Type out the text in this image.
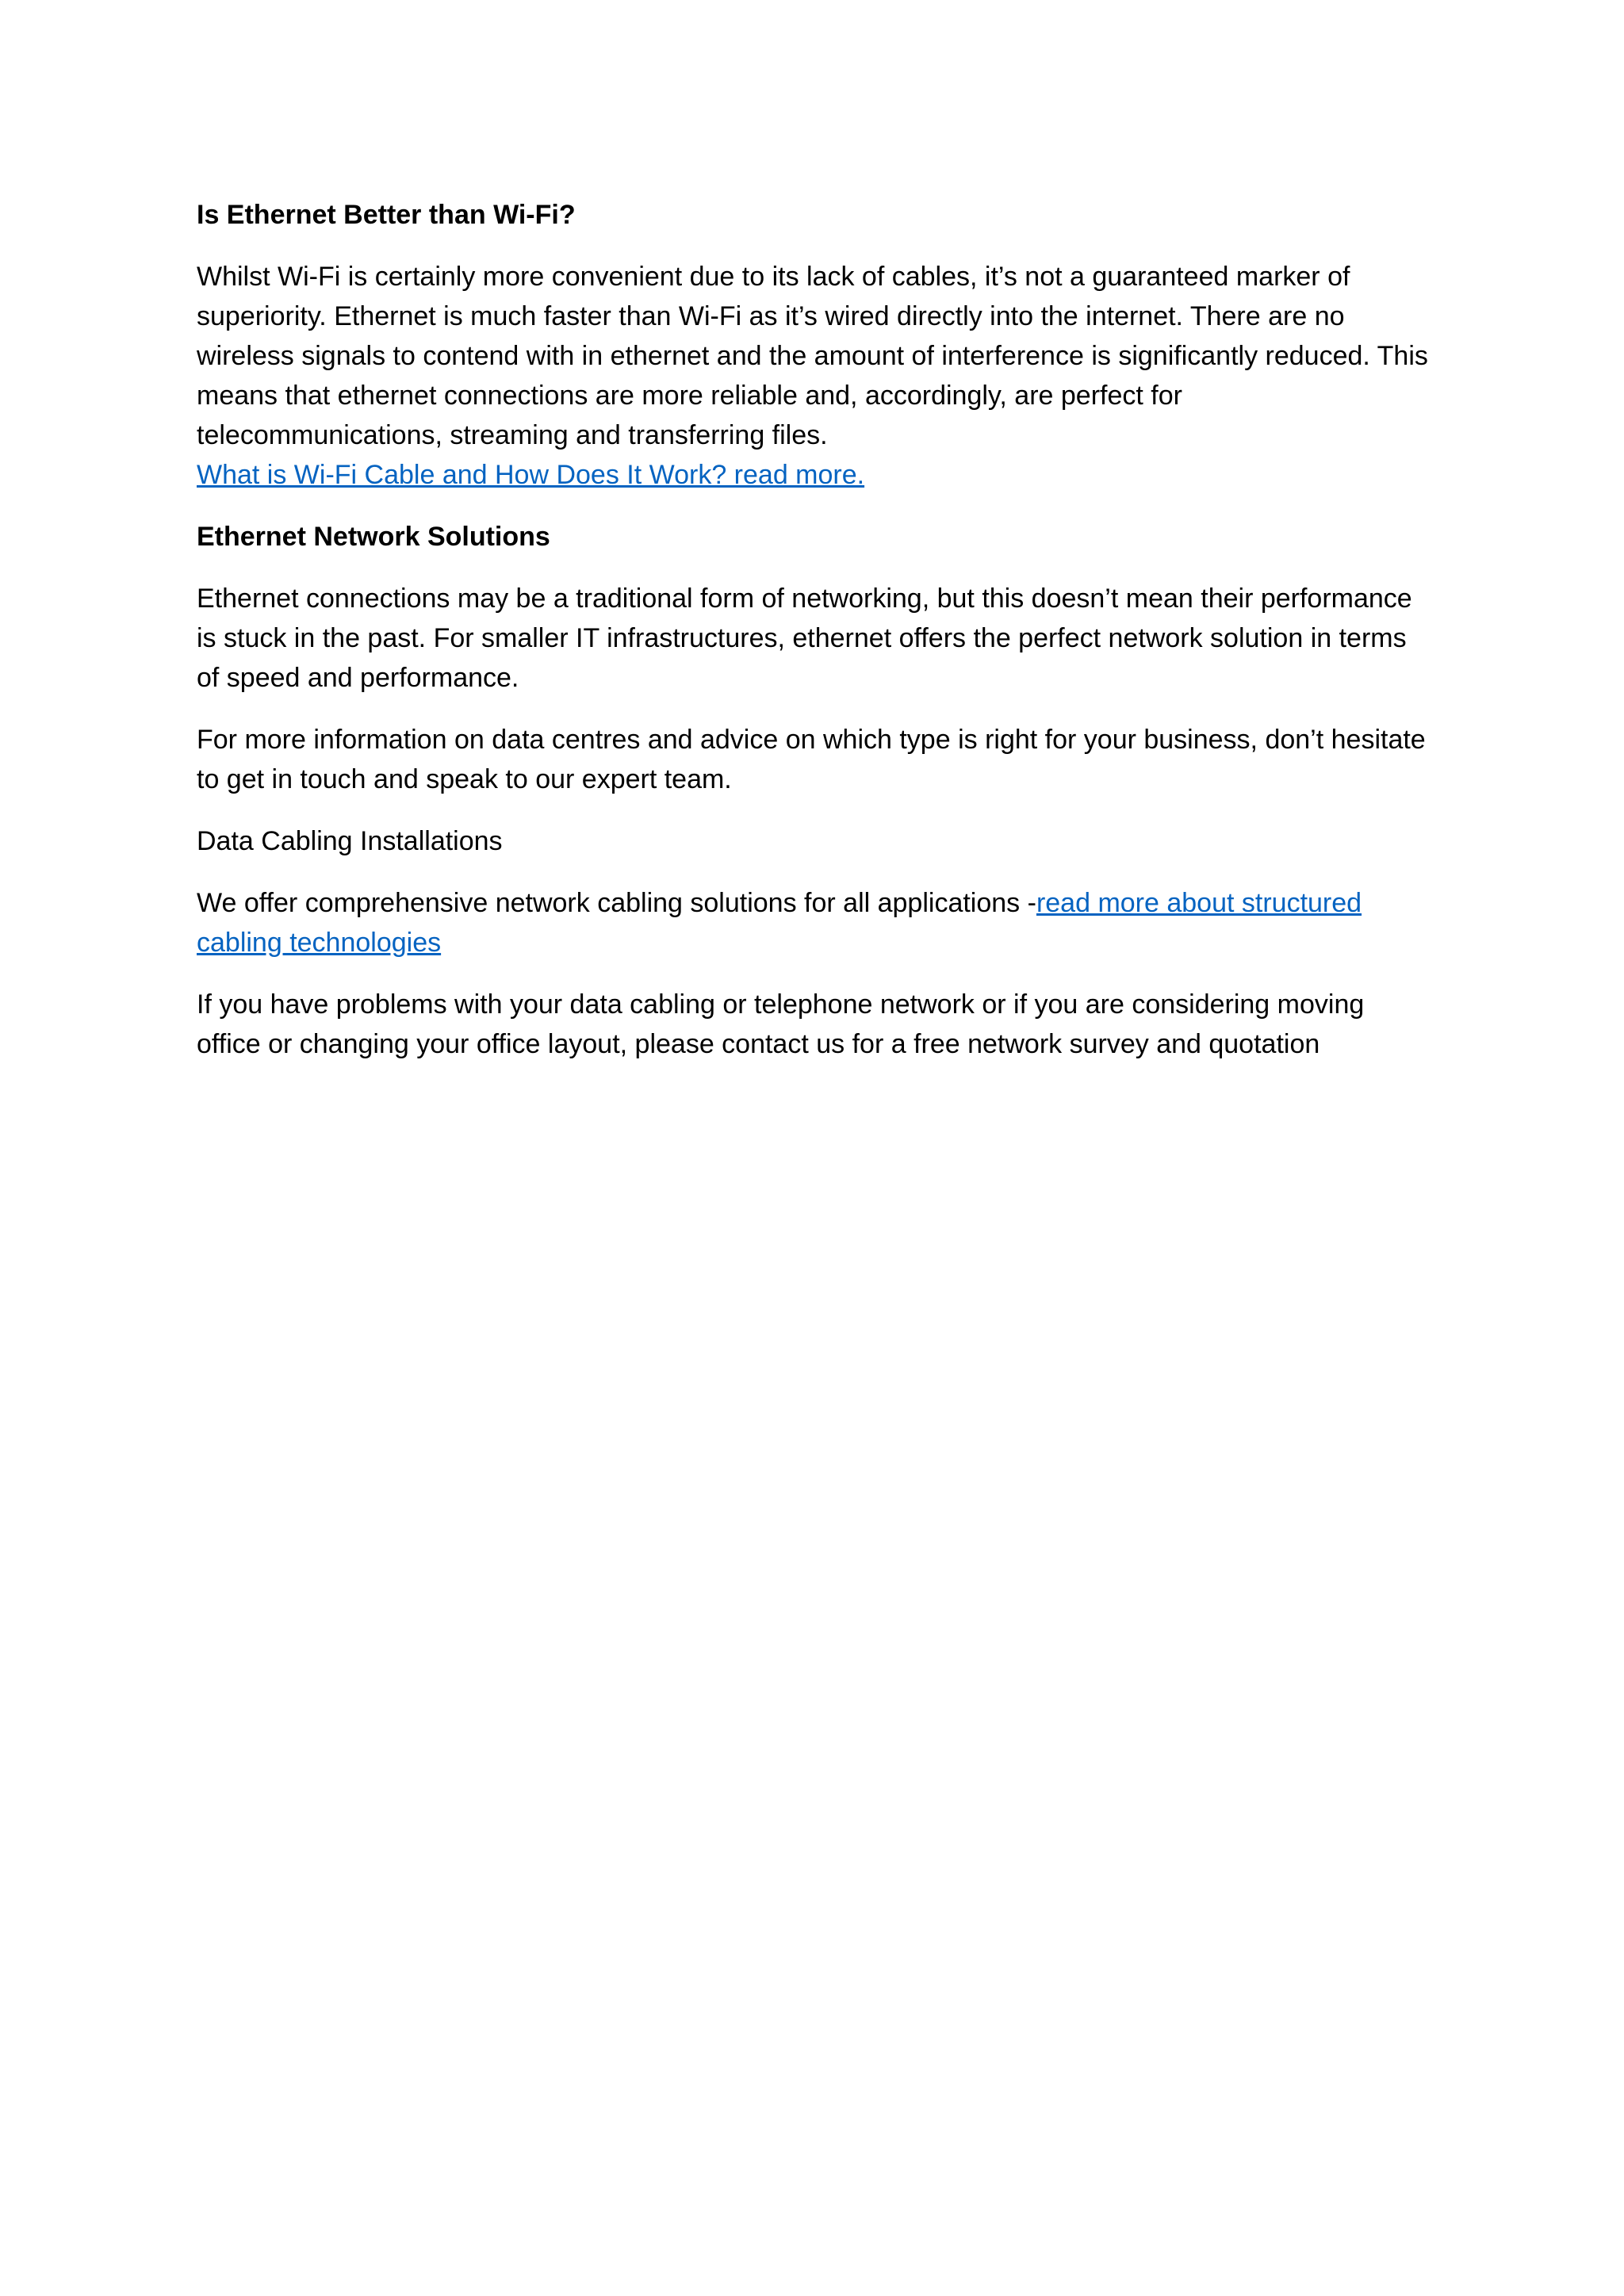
Is Ethernet Better than Wi-Fi?
Whilst Wi-Fi is certainly more convenient due to its lack of cables, it’s not a guaranteed marker of superiority. Ethernet is much faster than Wi-Fi as it’s wired directly into the internet. There are no wireless signals to contend with in ethernet and the amount of interference is significantly reduced. This means that ethernet connections are more reliable and, accordingly, are perfect for telecommunications, streaming and transferring files.
What is Wi-Fi Cable and How Does It Work? read more.
Ethernet Network Solutions
Ethernet connections may be a traditional form of networking, but this doesn’t mean their performance is stuck in the past. For smaller IT infrastructures, ethernet offers the perfect network solution in terms of speed and performance.
For more information on data centres and advice on which type is right for your business, don’t hesitate to get in touch and speak to our expert team.
Data Cabling Installations
We offer comprehensive network cabling solutions for all applications -read more about structured cabling technologies
If you have problems with your data cabling or telephone network or if you are considering moving office or changing your office layout, please contact us for a free network survey and quotation
